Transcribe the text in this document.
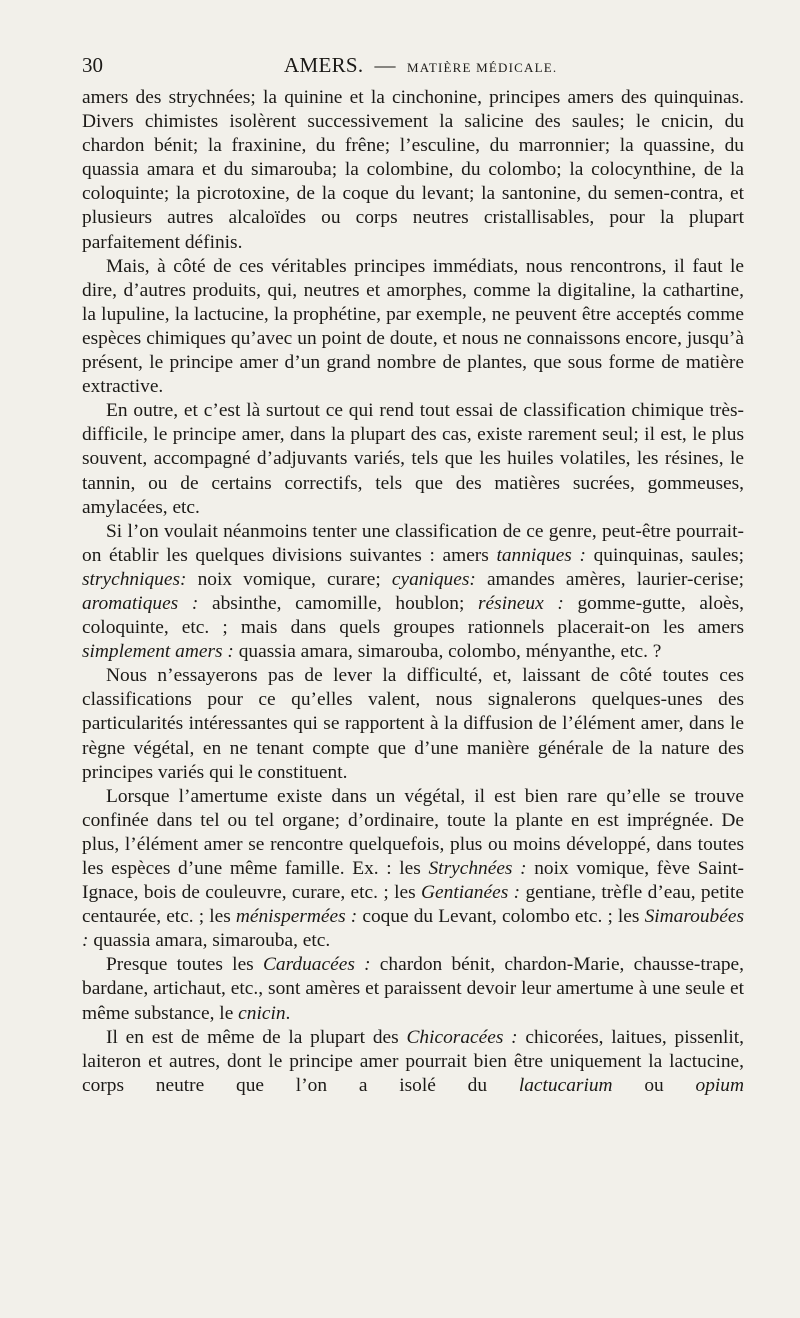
30	AMERS. — MATIÈRE MÉDICALE.

amers des strychnées; la quinine et la cinchonine, principes amers des quinquinas. Divers chimistes isolèrent successivement la salicine des saules; le cnicin, du chardon bénit; la fraxinine, du frêne; l’esculine, du marronnier; la quassine, du quassia amara et du simarouba; la colombine, du colombo; la colocynthine, de la coloquinte; la picrotoxine, de la coque du levant; la santonine, du semen-contra, et plusieurs autres alcaloïdes ou corps neutres cristallisables, pour la plupart parfaitement définis.

Mais, à côté de ces véritables principes immédiats, nous rencontrons, il faut le dire, d’autres produits, qui, neutres et amorphes, comme la digitaline, la cathartine, la lupuline, la lactucine, la prophétine, par exemple, ne peuvent être acceptés comme espèces chimiques qu’avec un point de doute, et nous ne connaissons encore, jusqu’à présent, le principe amer d’un grand nombre de plantes, que sous forme de matière extractive.

En outre, et c’est là surtout ce qui rend tout essai de classification chimique très-difficile, le principe amer, dans la plupart des cas, existe rarement seul; il est, le plus souvent, accompagné d’adjuvants variés, tels que les huiles volatiles, les résines, le tannin, ou de certains correctifs, tels que des matières sucrées, gommeuses, amylacées, etc.

Si l’on voulait néanmoins tenter une classification de ce genre, peut-être pourrait-on établir les quelques divisions suivantes : amers tanniques : quinquinas, saules; strychniques: noix vomique, curare; cyaniques: amandes amères, laurier-cerise; aromatiques : absinthe, camomille, houblon; résineux : gomme-gutte, aloès, coloquinte, etc. ; mais dans quels groupes rationnels placerait-on les amers simplement amers : quassia amara, simarouba, colombo, ményanthe, etc. ?

Nous n’essayerons pas de lever la difficulté, et, laissant de côté toutes ces classifications pour ce qu’elles valent, nous signalerons quelques-unes des particularités intéressantes qui se rapportent à la diffusion de l’élément amer, dans le règne végétal, en ne tenant compte que d’une manière générale de la nature des principes variés qui le constituent.

Lorsque l’amertume existe dans un végétal, il est bien rare qu’elle se trouve confinée dans tel ou tel organe; d’ordinaire, toute la plante en est imprégnée. De plus, l’élément amer se rencontre quelquefois, plus ou moins développé, dans toutes les espèces d’une même famille. Ex. : les Strychnées : noix vomique, fève Saint-Ignace, bois de couleuvre, curare, etc. ; les Gentianées : gentiane, trèfle d’eau, petite centaurée, etc. ; les ménispermées : coque du Levant, colombo etc. ; les Simaroubées : quassia amara, simarouba, etc.

Presque toutes les Carduacées : chardon bénit, chardon-Marie, chausse-trape, bardane, artichaut, etc., sont amères et paraissent devoir leur amertume à une seule et même substance, le cnicin.

Il en est de même de la plupart des Chicoracées : chicorées, laitues, pissenlit, laiteron et autres, dont le principe amer pourrait bien être uniquement la lactucine, corps neutre que l’on a isolé du lactucarium ou opium
